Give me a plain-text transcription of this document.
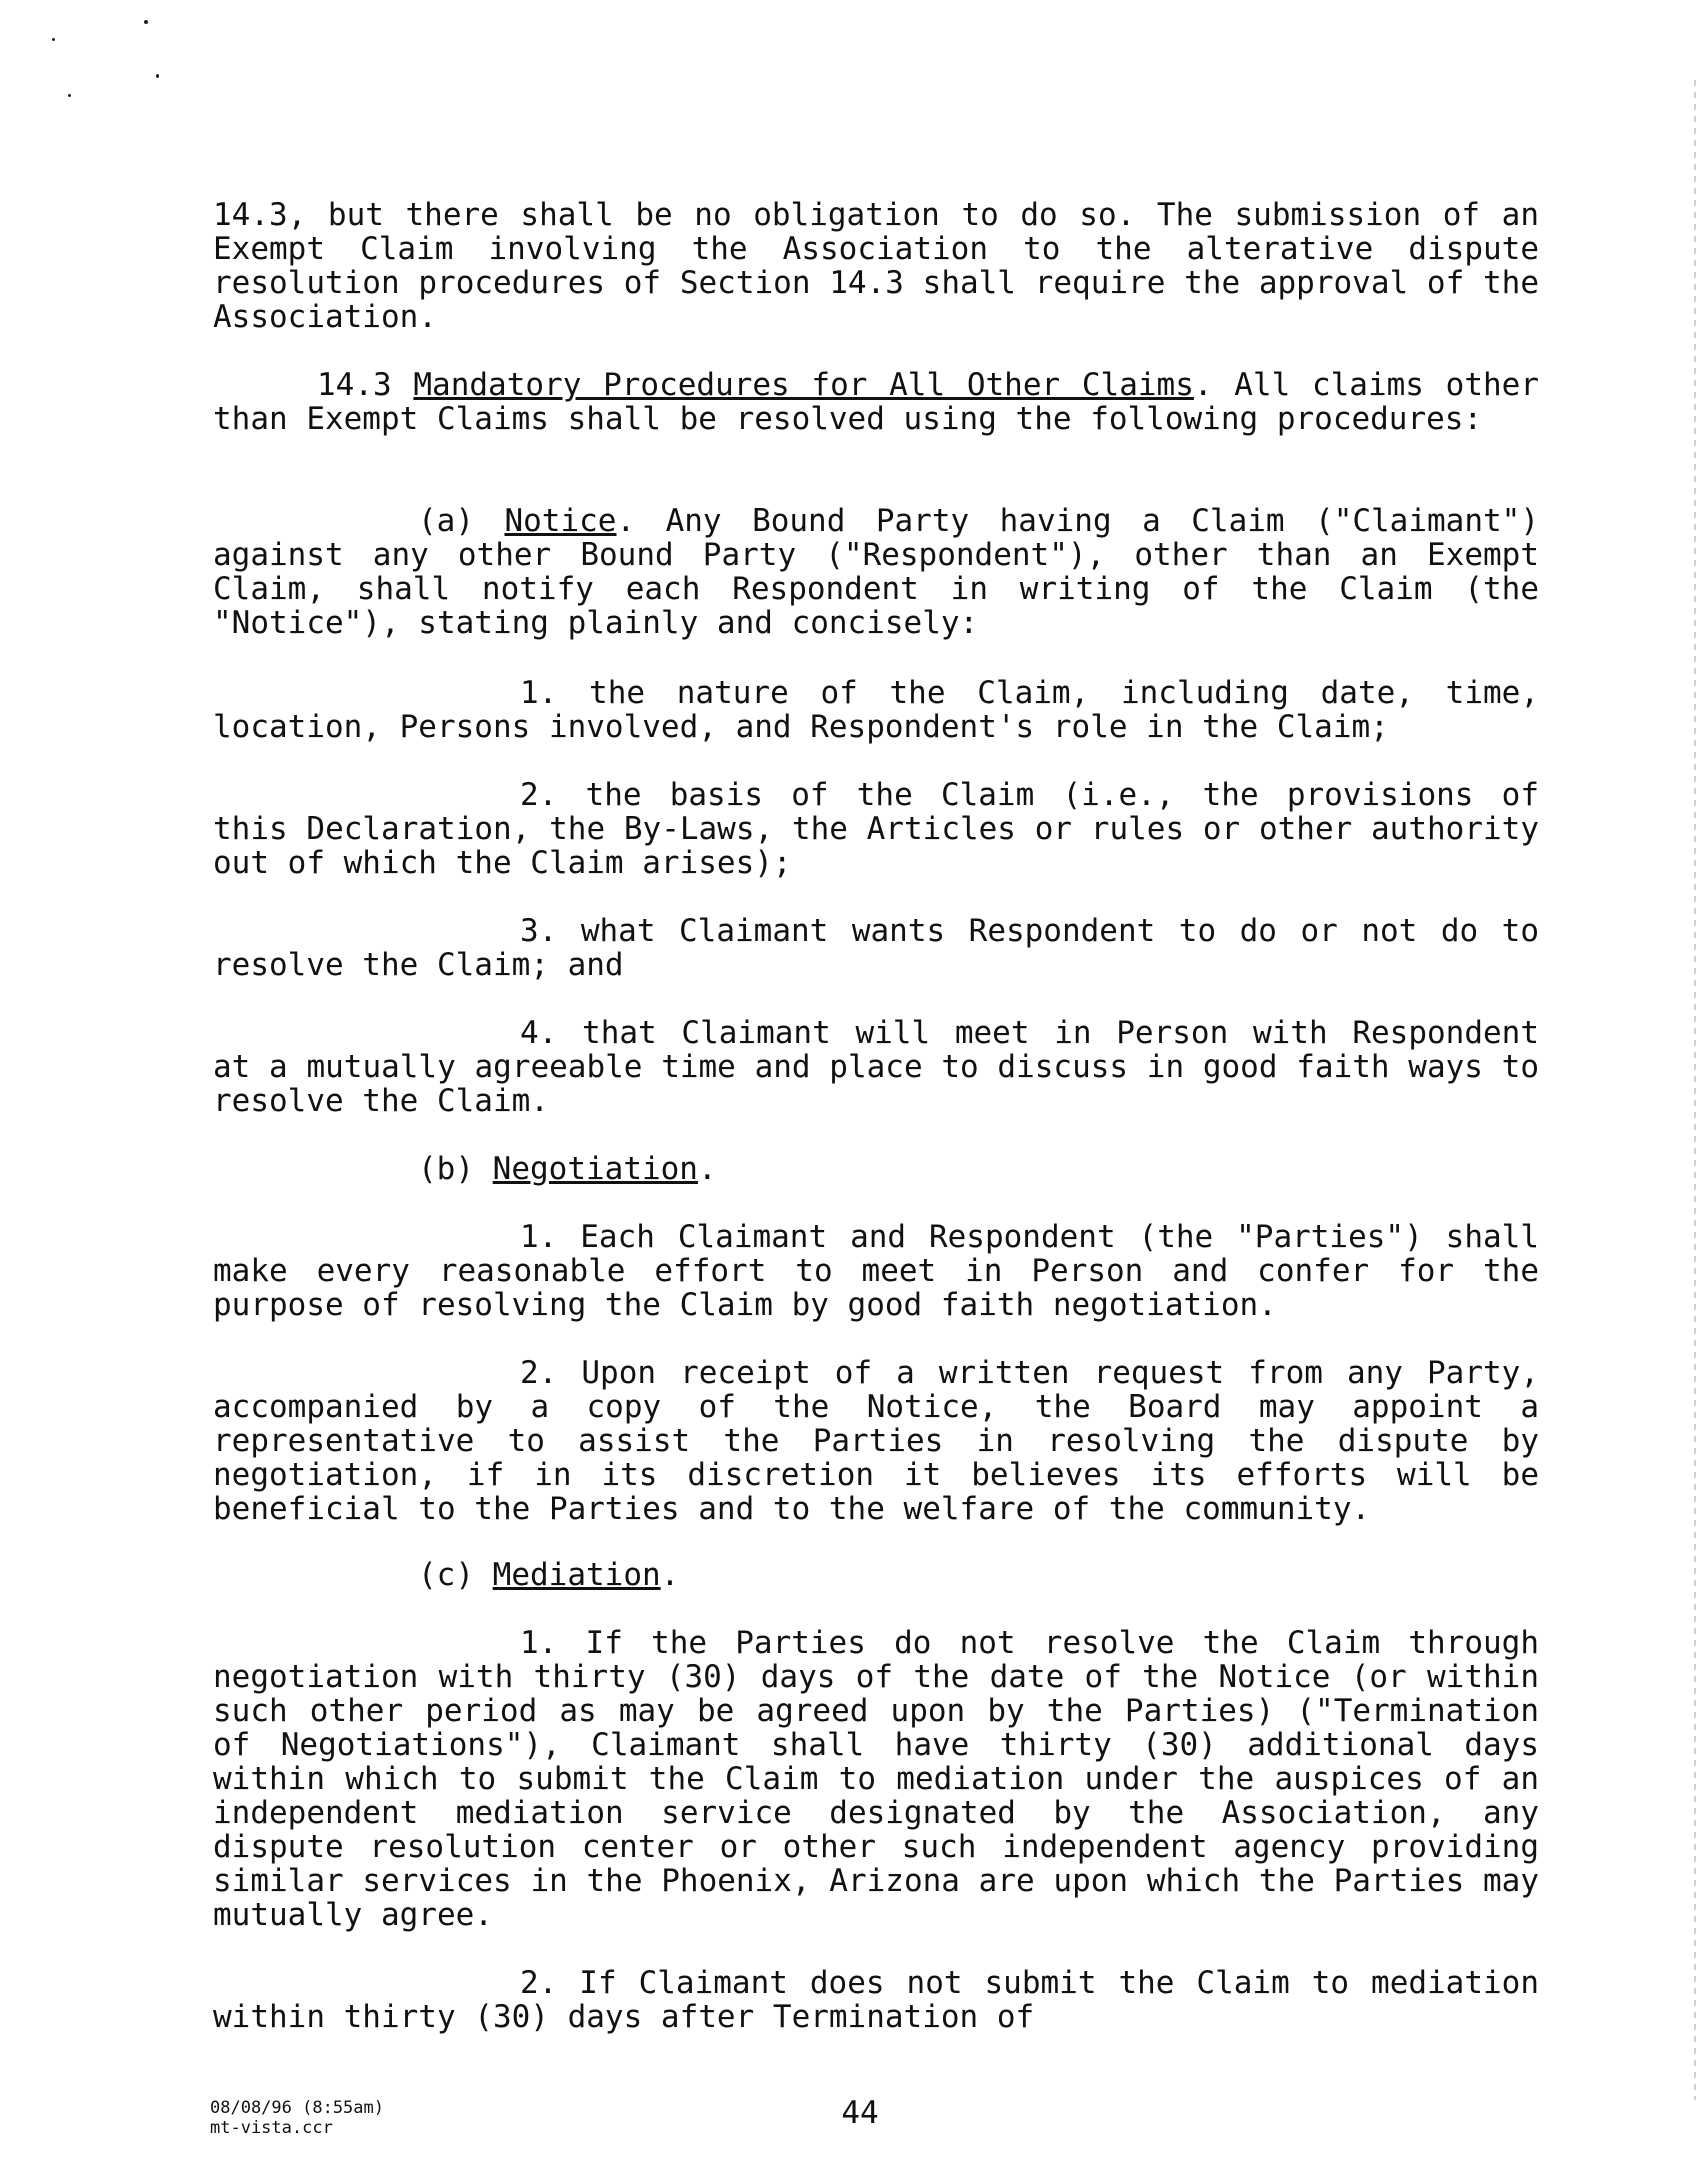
14.3, but there shall be no obligation to do so. The submission of an Exempt Claim involving the Association to the alterative dispute resolution procedures of Section 14.3 shall require the approval of the Association.

14.3 Mandatory Procedures for All Other Claims. All claims other than Exempt Claims shall be resolved using the following procedures:

(a) Notice. Any Bound Party having a Claim ("Claimant") against any other Bound Party ("Respondent"), other than an Exempt Claim, shall notify each Respondent in writing of the Claim (the "Notice"), stating plainly and concisely:

1. the nature of the Claim, including date, time, location, Persons involved, and Respondent's role in the Claim;

2. the basis of the Claim (i.e., the provisions of this Declaration, the By-Laws, the Articles or rules or other authority out of which the Claim arises);

3. what Claimant wants Respondent to do or not do to resolve the Claim; and

4. that Claimant will meet in Person with Respondent at a mutually agreeable time and place to discuss in good faith ways to resolve the Claim.

(b) Negotiation.

1. Each Claimant and Respondent (the "Parties") shall make every reasonable effort to meet in Person and confer for the purpose of resolving the Claim by good faith negotiation.

2. Upon receipt of a written request from any Party, accompanied by a copy of the Notice, the Board may appoint a representative to assist the Parties in resolving the dispute by negotiation, if in its discretion it believes its efforts will be beneficial to the Parties and to the welfare of the community.

(c) Mediation.

1. If the Parties do not resolve the Claim through negotiation with thirty (30) days of the date of the Notice (or within such other period as may be agreed upon by the Parties) ("Termination of Negotiations"), Claimant shall have thirty (30) additional days within which to submit the Claim to mediation under the auspices of an independent mediation service designated by the Association, any dispute resolution center or other such independent agency providing similar services in the Phoenix, Arizona are upon which the Parties may mutually agree.

2. If Claimant does not submit the Claim to mediation within thirty (30) days after Termination of

08/08/96 (8:55am)
mt-vista.ccr	44
